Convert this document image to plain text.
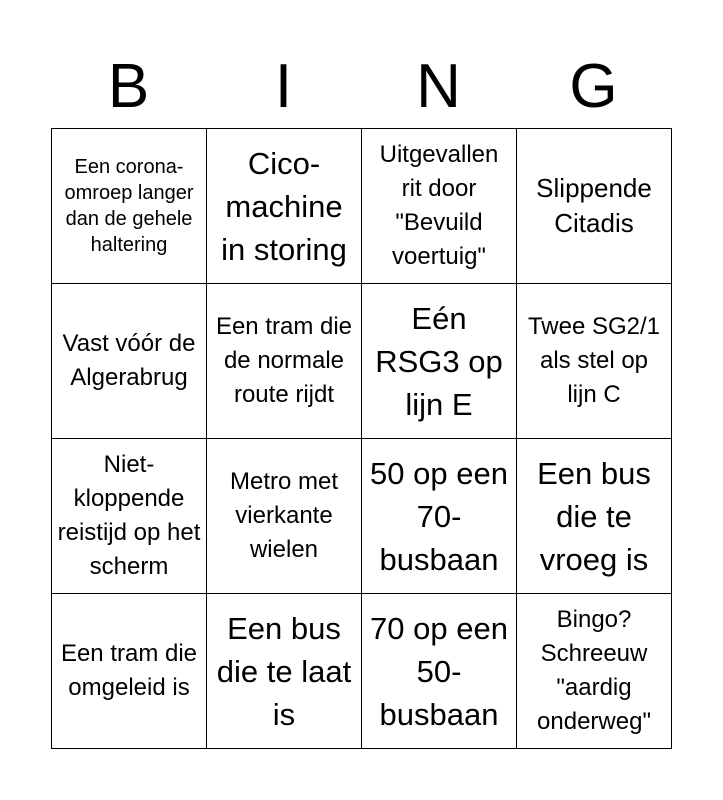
B	I	N	G
Een corona-omroep langer dan de gehele haltering	Cico-machine in storing	Uitgevallen rit door "Bevuild voertuig"	Slippende Citadis

Vast vóór de Algerabrug	Een tram die de normale route rijdt	Eén RSG3 op lijn E	Twee SG2/1 als stel op lijn C

Niet-kloppende reistijd op het scherm	Metro met vierkante wielen	50 op een 70-busbaan	Een bus die te vroeg is

Een tram die omgeleid is	Een bus die te laat is	70 op een 50-busbaan	Bingo? Schreeuw "aardig onderweg"
